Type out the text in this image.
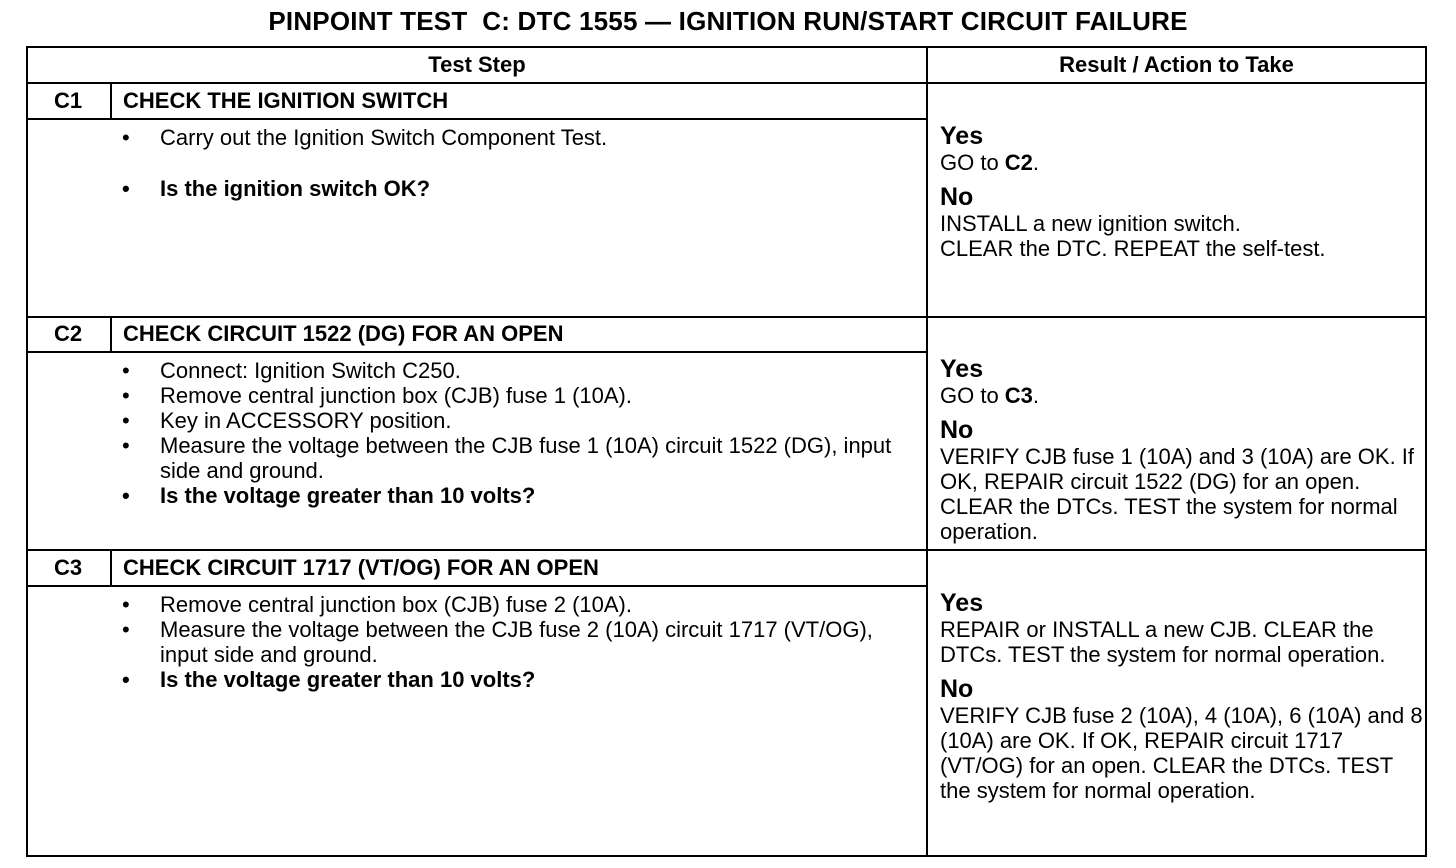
PINPOINT TEST  C: DTC 1555 — IGNITION RUN/START CIRCUIT FAILURE
Test Step	Result / Action to Take
C1	CHECK THE IGNITION SWITCH
• Carry out the Ignition Switch Component Test.
• Is the ignition switch OK?
Yes
GO to C2.
No
INSTALL a new ignition switch.
CLEAR the DTC. REPEAT the self-test.
C2	CHECK CIRCUIT 1522 (DG) FOR AN OPEN
• Connect: Ignition Switch C250.
• Remove central junction box (CJB) fuse 1 (10A).
• Key in ACCESSORY position.
• Measure the voltage between the CJB fuse 1 (10A) circuit 1522 (DG), input side and ground.
• Is the voltage greater than 10 volts?
Yes
GO to C3.
No
VERIFY CJB fuse 1 (10A) and 3 (10A) are OK. If OK, REPAIR circuit 1522 (DG) for an open. CLEAR the DTCs. TEST the system for normal operation.
C3	CHECK CIRCUIT 1717 (VT/OG) FOR AN OPEN
• Remove central junction box (CJB) fuse 2 (10A).
• Measure the voltage between the CJB fuse 2 (10A) circuit 1717 (VT/OG), input side and ground.
• Is the voltage greater than 10 volts?
Yes
REPAIR or INSTALL a new CJB. CLEAR the DTCs. TEST the system for normal operation.
No
VERIFY CJB fuse 2 (10A), 4 (10A), 6 (10A) and 8 (10A) are OK. If OK, REPAIR circuit 1717 (VT/OG) for an open. CLEAR the DTCs. TEST the system for normal operation.
